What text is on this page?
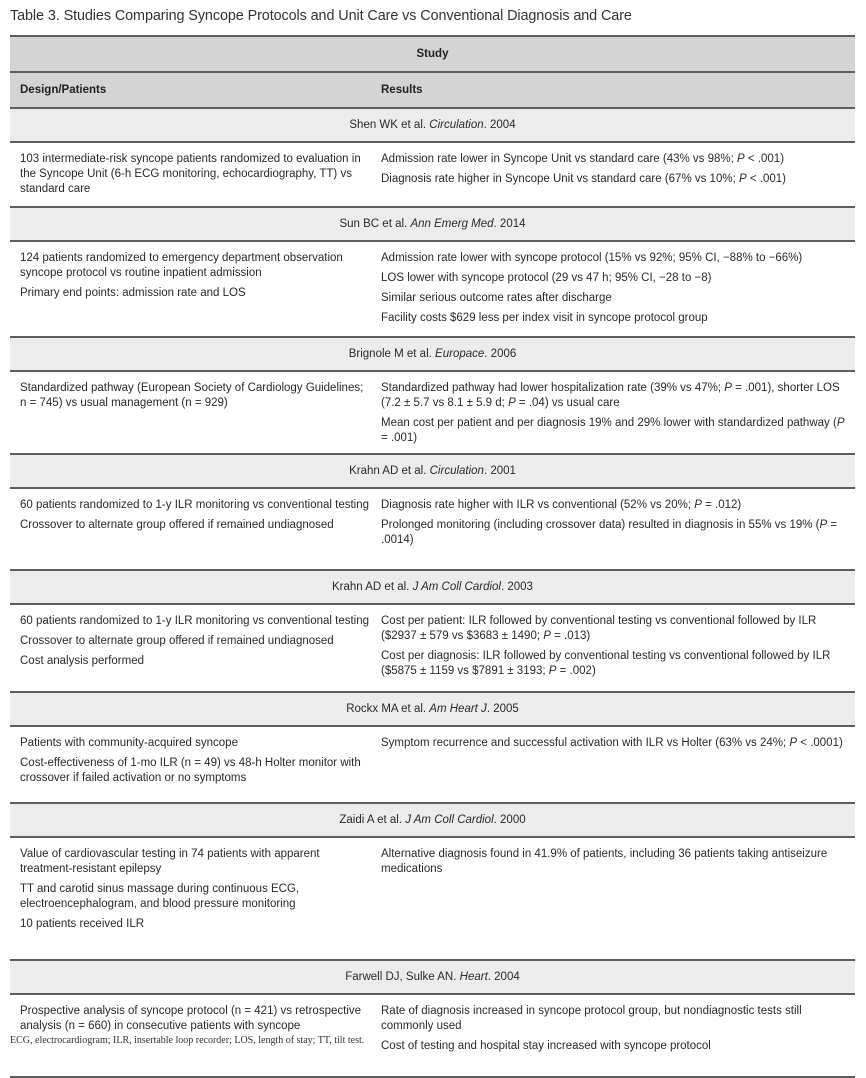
Table 3. Studies Comparing Syncope Protocols and Unit Care vs Conventional Diagnosis and Care
Study
Design/Patients	Results
Shen WK et al. Circulation. 2004
103 intermediate-risk syncope patients randomized to evaluation in the Syncope Unit (6-h ECG monitoring, echocardiography, TT) vs standard care
Admission rate lower in Syncope Unit vs standard care (43% vs 98%; P < .001)
Diagnosis rate higher in Syncope Unit vs standard care (67% vs 10%; P < .001)
Sun BC et al. Ann Emerg Med. 2014
124 patients randomized to emergency department observation syncope protocol vs routine inpatient admission
Primary end points: admission rate and LOS
Admission rate lower with syncope protocol (15% vs 92%; 95% CI, −88% to −66%)
LOS lower with syncope protocol (29 vs 47 h; 95% CI, −28 to −8)
Similar serious outcome rates after discharge
Facility costs $629 less per index visit in syncope protocol group
Brignole M et al. Europace. 2006
Standardized pathway (European Society of Cardiology Guidelines; n = 745) vs usual management (n = 929)
Standardized pathway had lower hospitalization rate (39% vs 47%; P = .001), shorter LOS (7.2 ± 5.7 vs 8.1 ± 5.9 d; P = .04) vs usual care
Mean cost per patient and per diagnosis 19% and 29% lower with standardized pathway (P = .001)
Krahn AD et al. Circulation. 2001
60 patients randomized to 1-y ILR monitoring vs conventional testing
Crossover to alternate group offered if remained undiagnosed
Diagnosis rate higher with ILR vs conventional (52% vs 20%; P = .012)
Prolonged monitoring (including crossover data) resulted in diagnosis in 55% vs 19% (P = .0014)
Krahn AD et al. J Am Coll Cardiol. 2003
60 patients randomized to 1-y ILR monitoring vs conventional testing
Crossover to alternate group offered if remained undiagnosed
Cost analysis performed
Cost per patient: ILR followed by conventional testing vs conventional followed by ILR ($2937 ± 579 vs $3683 ± 1490; P = .013)
Cost per diagnosis: ILR followed by conventional testing vs conventional followed by ILR ($5875 ± 1159 vs $7891 ± 3193; P = .002)
Rockx MA et al. Am Heart J. 2005
Patients with community-acquired syncope
Cost-effectiveness of 1-mo ILR (n = 49) vs 48-h Holter monitor with crossover if failed activation or no symptoms
Symptom recurrence and successful activation with ILR vs Holter (63% vs 24%; P < .0001)
Zaidi A et al. J Am Coll Cardiol. 2000
Value of cardiovascular testing in 74 patients with apparent treatment-resistant epilepsy
TT and carotid sinus massage during continuous ECG, electroencephalogram, and blood pressure monitoring
10 patients received ILR
Alternative diagnosis found in 41.9% of patients, including 36 patients taking antiseizure medications
Farwell DJ, Sulke AN. Heart. 2004
Prospective analysis of syncope protocol (n = 421) vs retrospective analysis (n = 660) in consecutive patients with syncope
Rate of diagnosis increased in syncope protocol group, but nondiagnostic tests still commonly used
Cost of testing and hospital stay increased with syncope protocol
ECG, electrocardiogram; ILR, insertable loop recorder; LOS, length of stay; TT, tilt test.
